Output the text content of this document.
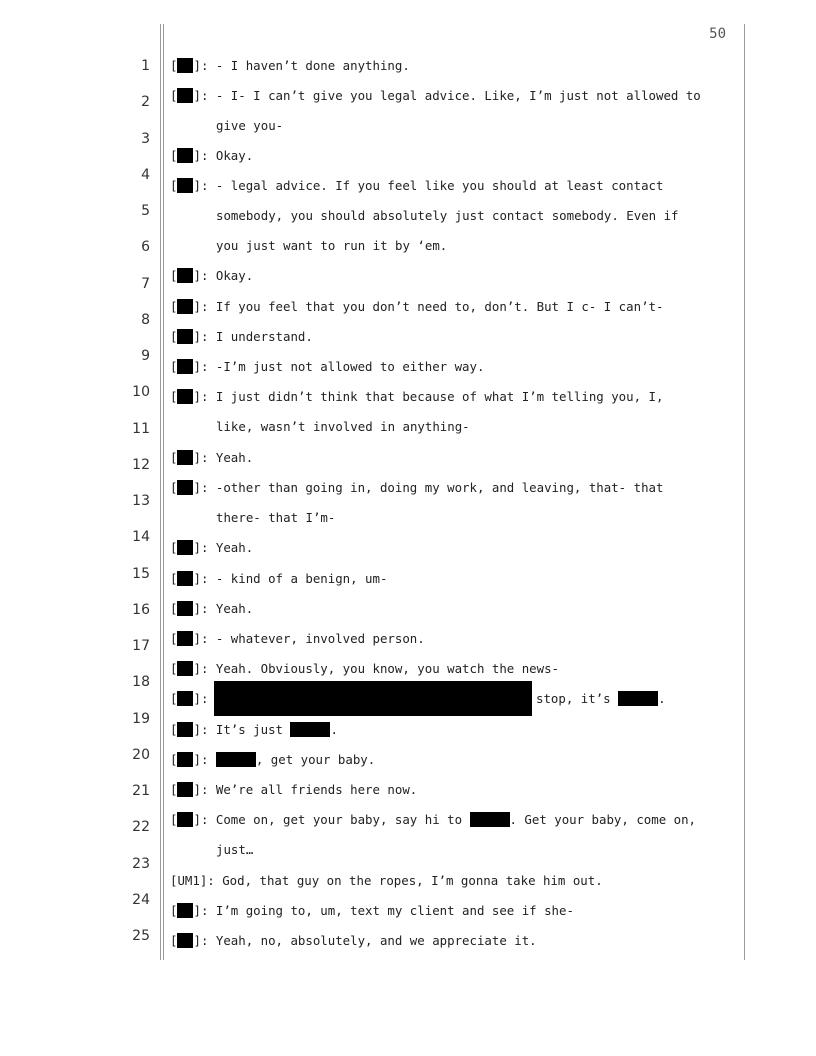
50
1
2
3
4
5
6
7
8
9
10
11
12
13
14
15
16
17
18
19
20
21
22
23
24
25
[ ]: - I haven’t done anything.
[ ]: - I- I can’t give you legal advice. Like, I’m just not allowed to
give you-
[ ]: Okay.
[ ]: - legal advice. If you feel like you should at least contact
somebody, you should absolutely just contact somebody. Even if
you just want to run it by ‘em.
[ ]: Okay.
[ ]: If you feel that you don’t need to, don’t. But I c- I can’t-
[ ]: I understand.
[ ]: -I’m just not allowed to either way.
[ ]: I just didn’t think that because of what I’m telling you, I,
like, wasn’t involved in anything-
[ ]: Yeah.
[ ]: -other than going in, doing my work, and leaving, that- that
there- that I’m-
[ ]: Yeah.
[ ]: - kind of a benign, um-
[ ]: Yeah.
[ ]: - whatever, involved person.
[ ]: Yeah. Obviously, you know, you watch the news-
[ ]:	stop, it’s	.
[ ]: It’s just	.
[ ]:	, get your baby.
[ ]: We’re all friends here now.
[ ]: Come on, get your baby, say hi to	. Get your baby, come on,
just…
[UM1]: God, that guy on the ropes, I’m gonna take him out.
[ ]: I’m going to, um, text my client and see if she-
[ ]: Yeah, no, absolutely, and we appreciate it.
